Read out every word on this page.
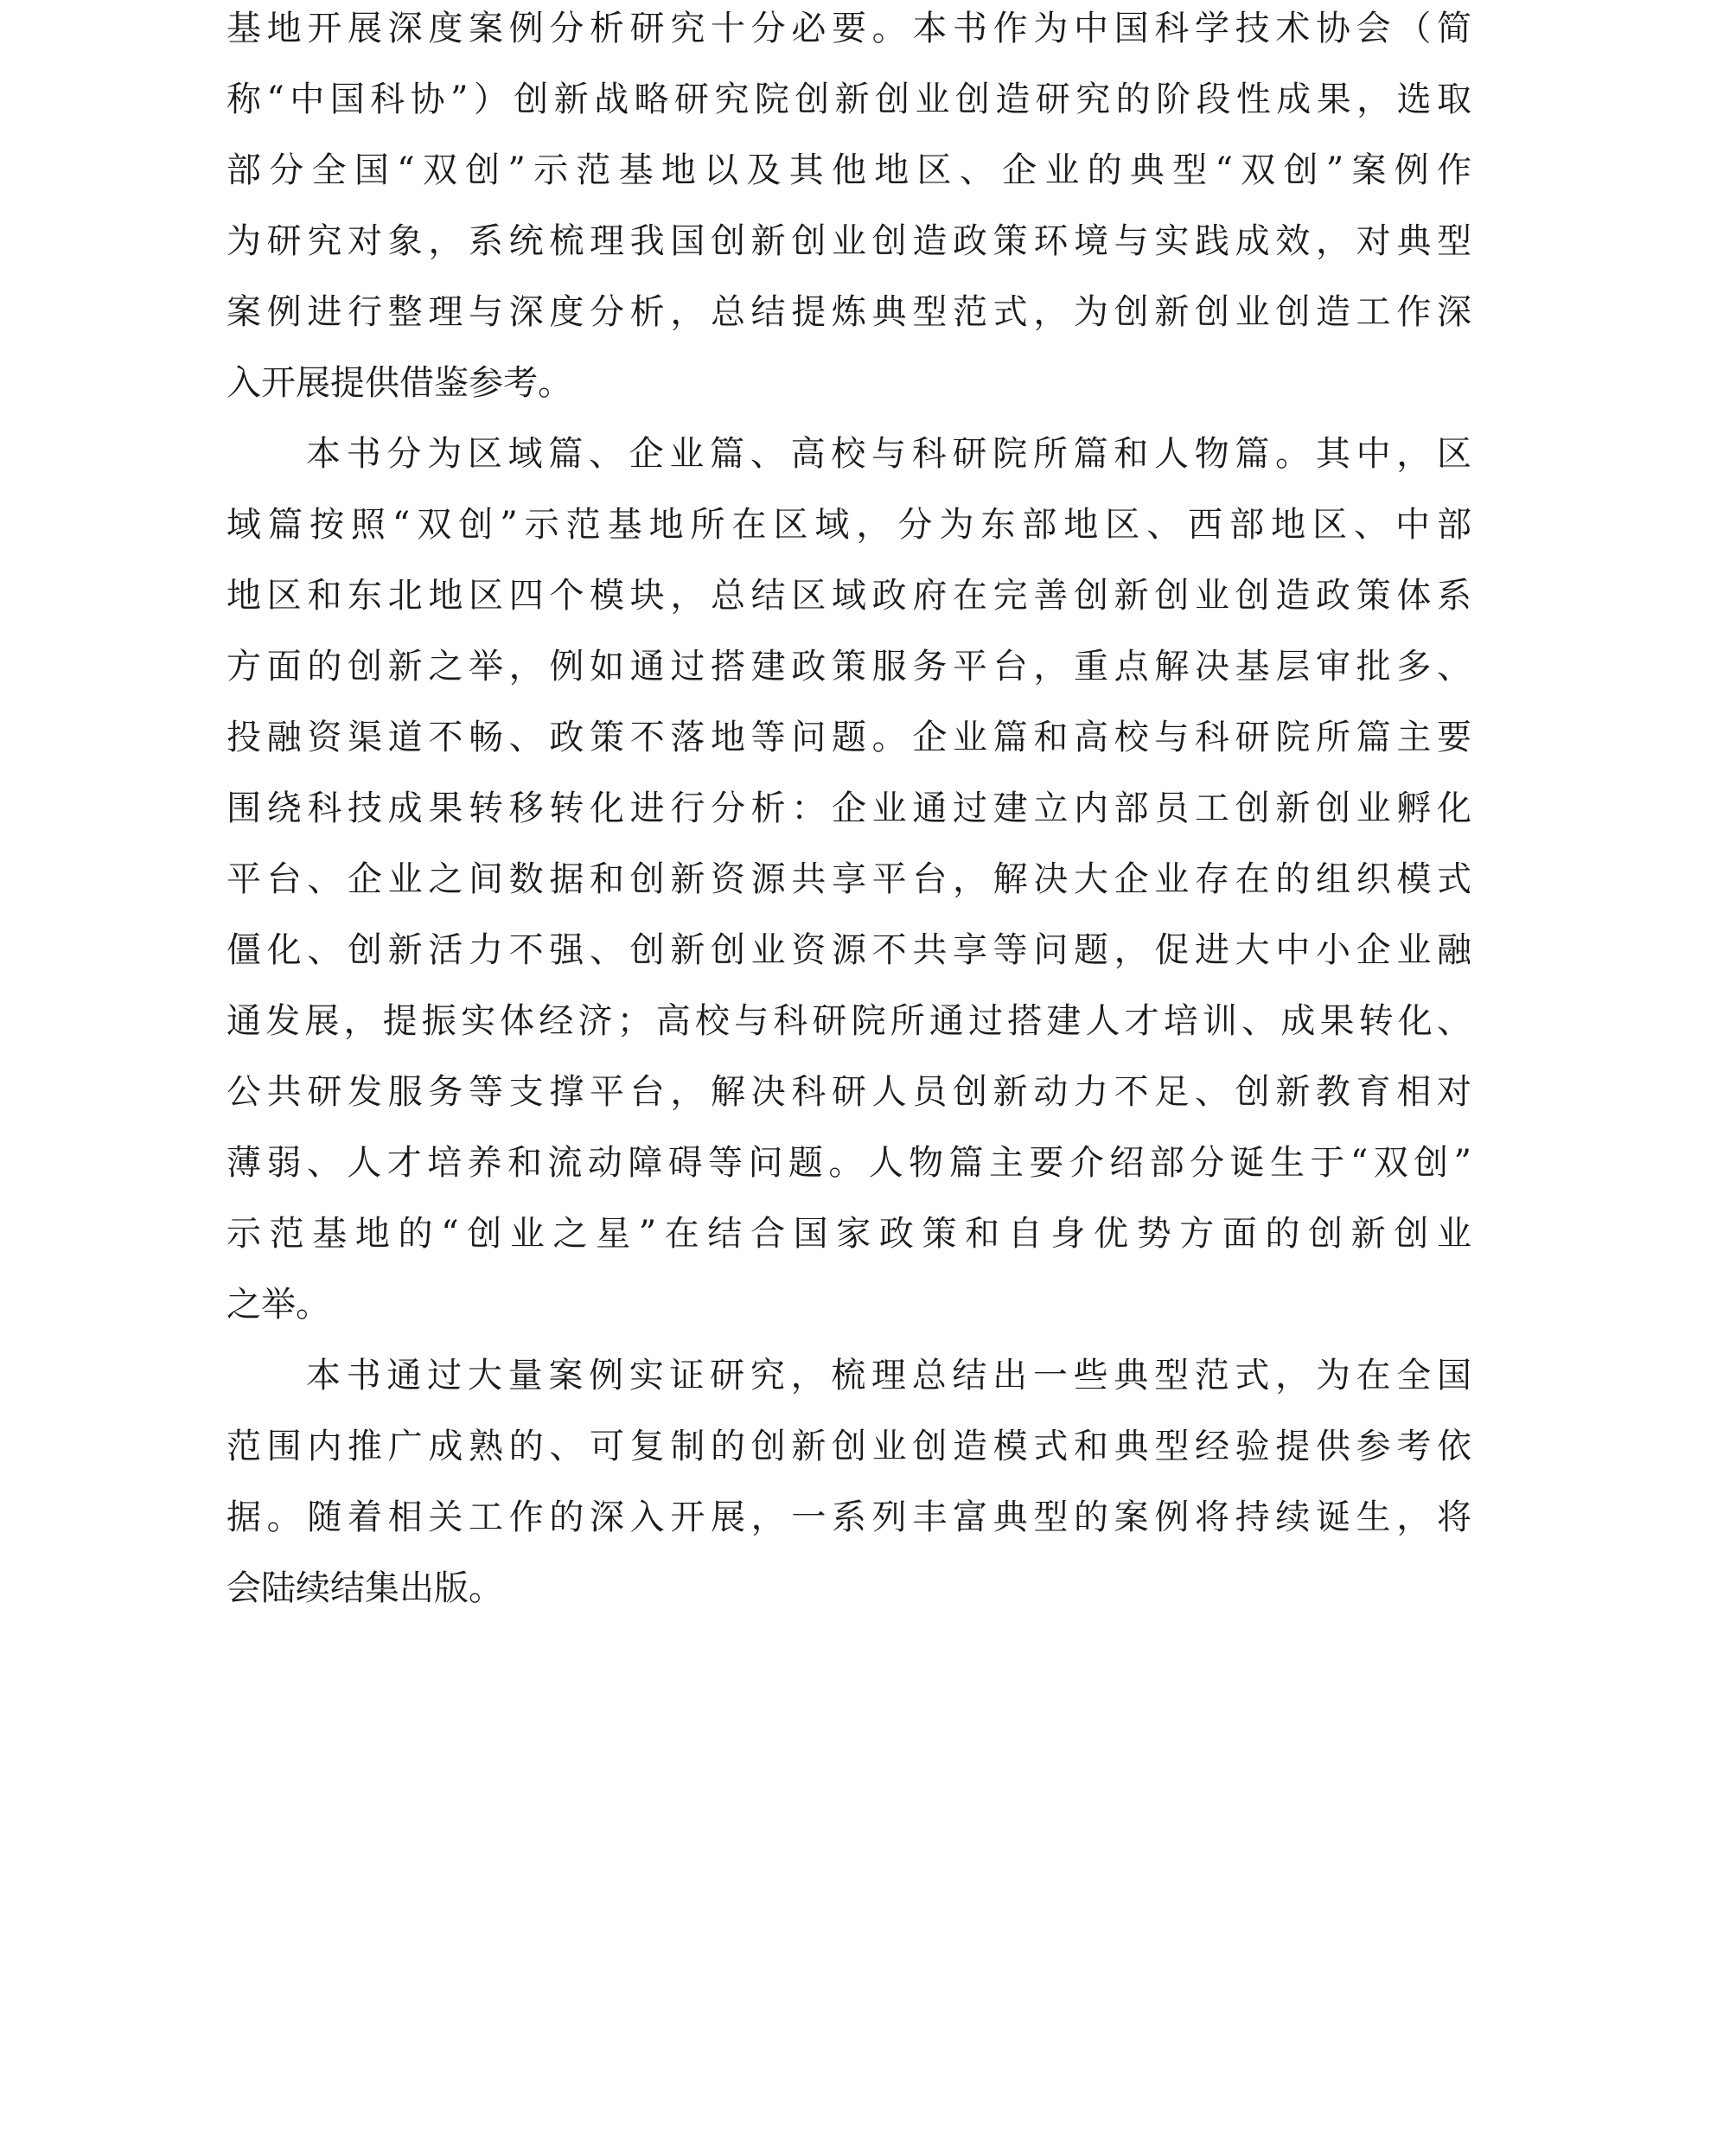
基地开展深度案例分析研究十分必要。本书作为中国科学技术协会（简
称“中国科协”）创新战略研究院创新创业创造研究的阶段性成果，选取
部分全国“双创”示范基地以及其他地区、企业的典型“双创”案例作
为研究对象，系统梳理我国创新创业创造政策环境与实践成效，对典型
案例进行整理与深度分析，总结提炼典型范式，为创新创业创造工作深
入开展提供借鉴参考。
本书分为区域篇、企业篇、高校与科研院所篇和人物篇。其中，区
域篇按照“双创”示范基地所在区域，分为东部地区、西部地区、中部
地区和东北地区四个模块，总结区域政府在完善创新创业创造政策体系
方面的创新之举，例如通过搭建政策服务平台，重点解决基层审批多、
投融资渠道不畅、政策不落地等问题。企业篇和高校与科研院所篇主要
围绕科技成果转移转化进行分析：企业通过建立内部员工创新创业孵化
平台、企业之间数据和创新资源共享平台，解决大企业存在的组织模式
僵化、创新活力不强、创新创业资源不共享等问题，促进大中小企业融
通发展，提振实体经济；高校与科研院所通过搭建人才培训、成果转化、
公共研发服务等支撑平台，解决科研人员创新动力不足、创新教育相对
薄弱、人才培养和流动障碍等问题。人物篇主要介绍部分诞生于“双创”
示范基地的“创业之星”在结合国家政策和自身优势方面的创新创业
之举。
本书通过大量案例实证研究，梳理总结出一些典型范式，为在全国
范围内推广成熟的、可复制的创新创业创造模式和典型经验提供参考依
据。随着相关工作的深入开展，一系列丰富典型的案例将持续诞生，将
会陆续结集出版。
